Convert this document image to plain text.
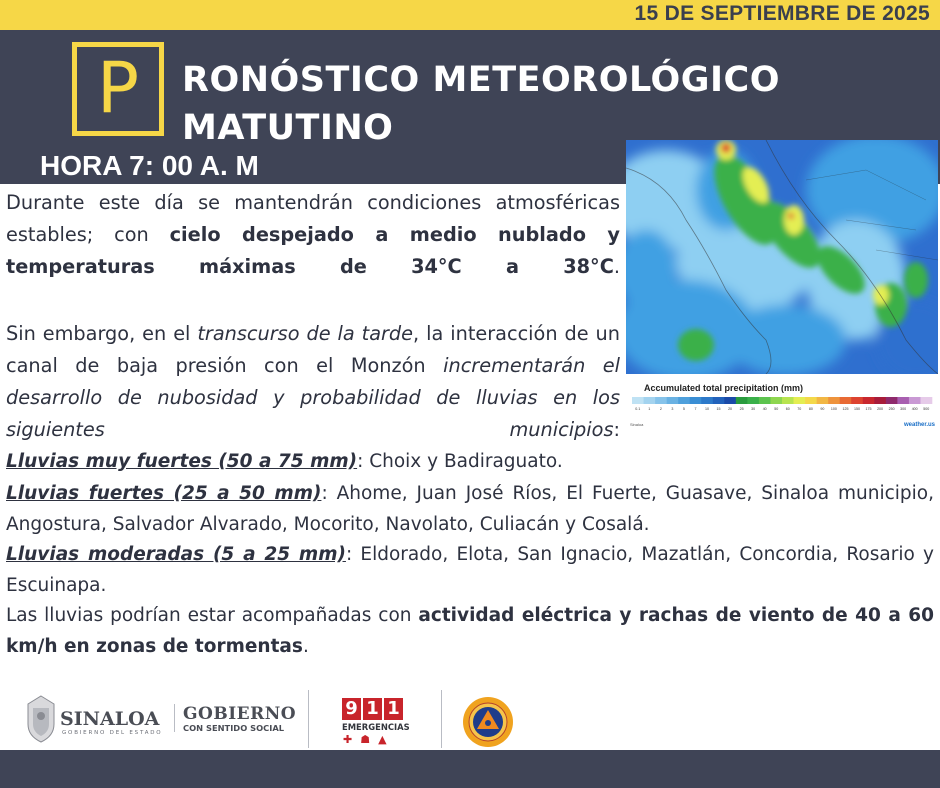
15 DE SEPTIEMBRE DE 2025
P	RONÓSTICO METEOROLÓGICO
MATUTINO
HORA 7: 00 A. M
Accumulated total precipitation (mm)
0.1 1	2	3	5	7 10 15 20 25 30 40 50 60 70 80 90 100 125 150 175 200 250 300 400 500
Sinaloa	weather.us
Durante este día se mantendrán condiciones atmosféricas estables; con cielo despejado a medio nublado y temperaturas máximas de 34°C a 38°C.
Sin embargo, en el transcurso de la tarde, la interacción de un canal de baja presión con el Monzón incrementarán el desarrollo de nubosidad y probabilidad de lluvias en los siguientes municipios:
Lluvias muy fuertes (50 a 75 mm): Choix y Badiraguato.
Lluvias fuertes (25 a 50 mm): Ahome, Juan José Ríos, El Fuerte, Guasave, Sinaloa municipio, Angostura, Salvador Alvarado, Mocorito, Navolato, Culiacán y Cosalá.
Lluvias moderadas (5 a 25 mm): Eldorado, Elota, San Ignacio, Mazatlán, Concordia, Rosario y Escuinapa.
Las lluvias podrían estar acompañadas con actividad eléctrica y rachas de viento de 40 a 60 km/h en zonas de tormentas.
SINALOA
GOBIERNO DEL ESTADO
GOBIERNO
CON SENTIDO SOCIAL
9 1 1
EMERGENCIAS
✚☗▲
